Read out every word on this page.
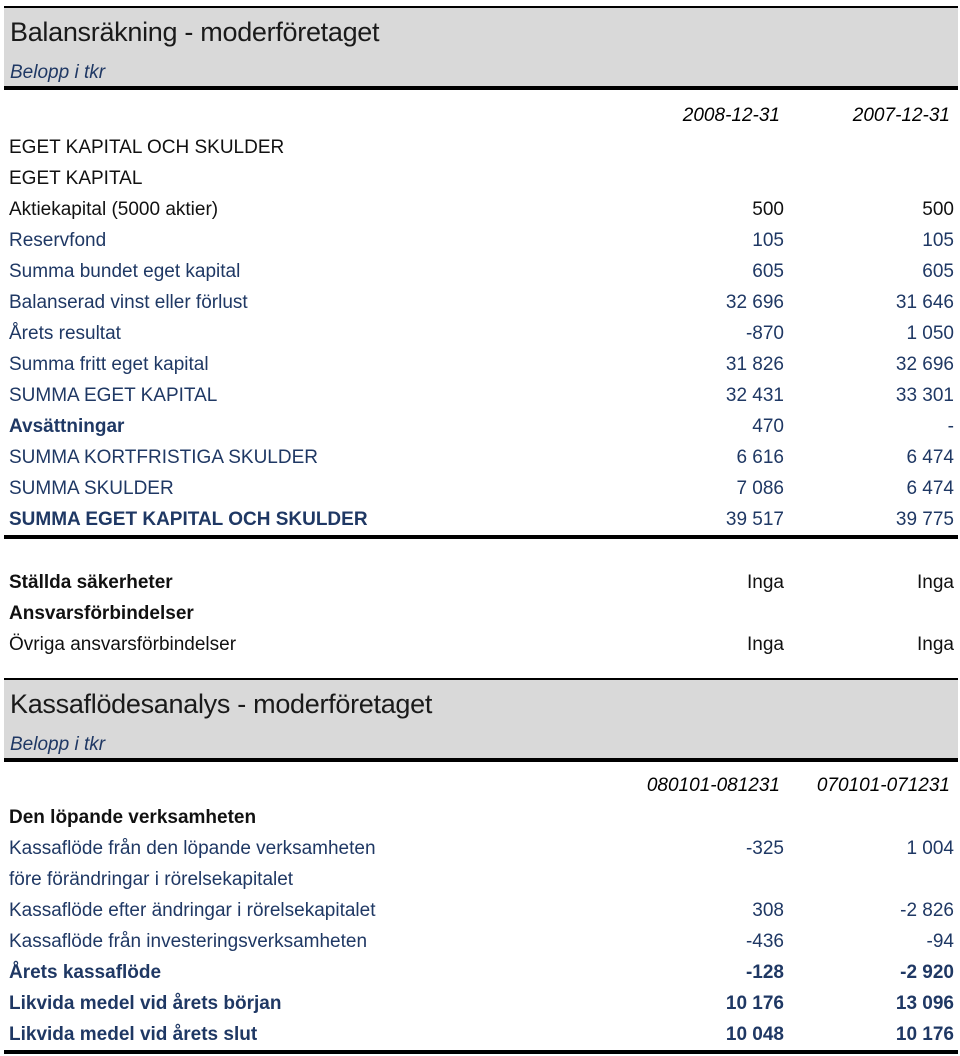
Balansräkning - moderföretaget
Belopp i tkr
2008-12-31	2007-12-31
EGET KAPITAL OCH SKULDER
EGET KAPITAL
Aktiekapital (5000 aktier)	500	500
Reservfond	105	105
Summa bundet eget kapital	605	605
Balanserad vinst eller förlust	32 696	31 646
Årets resultat	-870	1 050
Summa fritt eget kapital	31 826	32 696
SUMMA EGET KAPITAL	32 431	33 301
Avsättningar	470	-
SUMMA KORTFRISTIGA SKULDER	6 616	6 474
SUMMA SKULDER	7 086	6 474
SUMMA EGET KAPITAL OCH SKULDER	39 517	39 775
Ställda säkerheter	Inga	Inga
Ansvarsförbindelser
Övriga ansvarsförbindelser	Inga	Inga
Kassaflödesanalys - moderföretaget
Belopp i tkr
080101-081231 070101-071231
Den löpande verksamheten
Kassaflöde från den löpande verksamheten	-325	1 004
före förändringar i rörelsekapitalet
Kassaflöde efter ändringar i rörelsekapitalet	308	-2 826
Kassaflöde från investeringsverksamheten	-436	-94
Årets kassaflöde	-128	-2 920
Likvida medel vid årets början	10 176	13 096
Likvida medel vid årets slut	10 048	10 176
